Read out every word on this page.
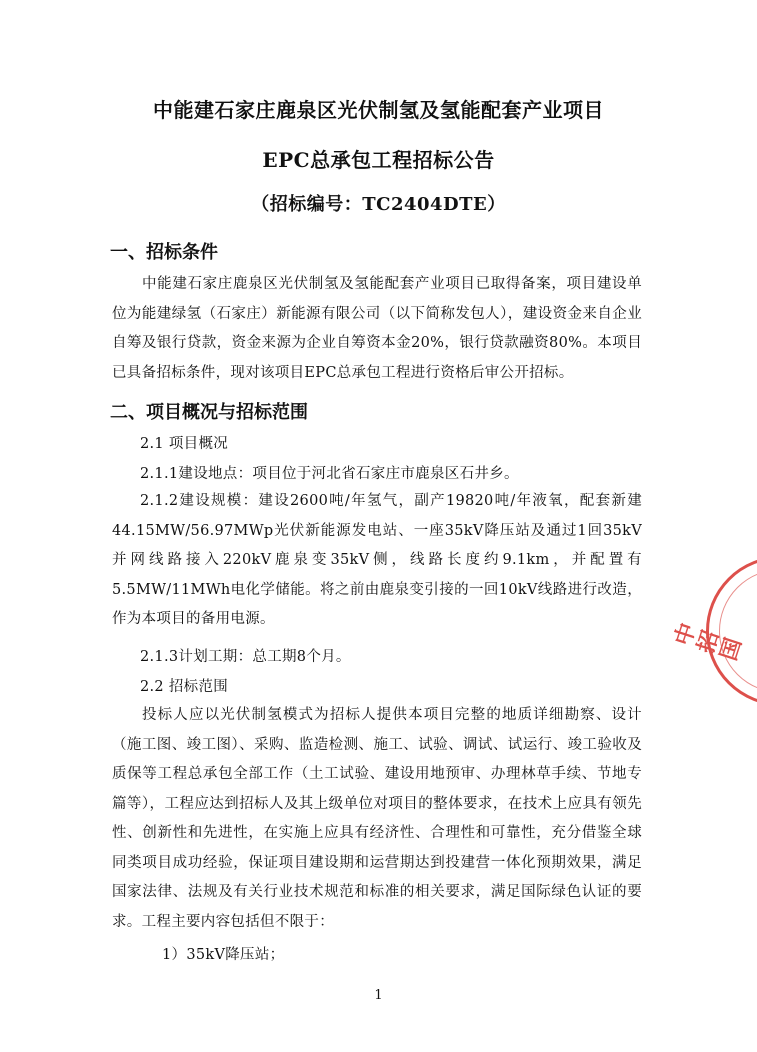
中能建石家庄鹿泉区光伏制氢及氢能配套产业项目
EPC总承包工程招标公告
（招标编号：TC2404DTE）
一、招标条件
中能建石家庄鹿泉区光伏制氢及氢能配套产业项目已取得备案，项目建设单位为能建绿氢（石家庄）新能源有限公司（以下简称发包人），建设资金来自企业自筹及银行贷款，资金来源为企业自筹资本金20%，银行贷款融资80%。本项目已具备招标条件，现对该项目EPC总承包工程进行资格后审公开招标。
二、项目概况与招标范围
2.1 项目概况
2.1.1建设地点：项目位于河北省石家庄市鹿泉区石井乡。
2.1.2建设规模：建设2600吨/年氢气，副产19820吨/年液氧，配套新建44.15MW/56.97MWp光伏新能源发电站、一座35kV降压站及通过1回35kV并网线路接入220kV鹿泉变35kV侧，线路长度约9.1km，并配置有5.5MW/11MWh电化学储能。将之前由鹿泉变引接的一回10kV线路进行改造，作为本项目的备用电源。
2.1.3计划工期：总工期8个月。
2.2 招标范围
投标人应以光伏制氢模式为招标人提供本项目完整的地质详细勘察、设计（施工图、竣工图）、采购、监造检测、施工、试验、调试、试运行、竣工验收及质保等工程总承包全部工作（土工试验、建设用地预审、办理林草手续、节地专篇等），工程应达到招标人及其上级单位对项目的整体要求，在技术上应具有领先性、创新性和先进性，在实施上应具有经济性、合理性和可靠性，充分借鉴全球同类项目成功经验，保证项目建设期和运营期达到投建营一体化预期效果，满足国家法律、法规及有关行业技术规范和标准的相关要求，满足国际绿色认证的要求。工程主要内容包括但不限于：
1）35kV降压站；
1
中招国
